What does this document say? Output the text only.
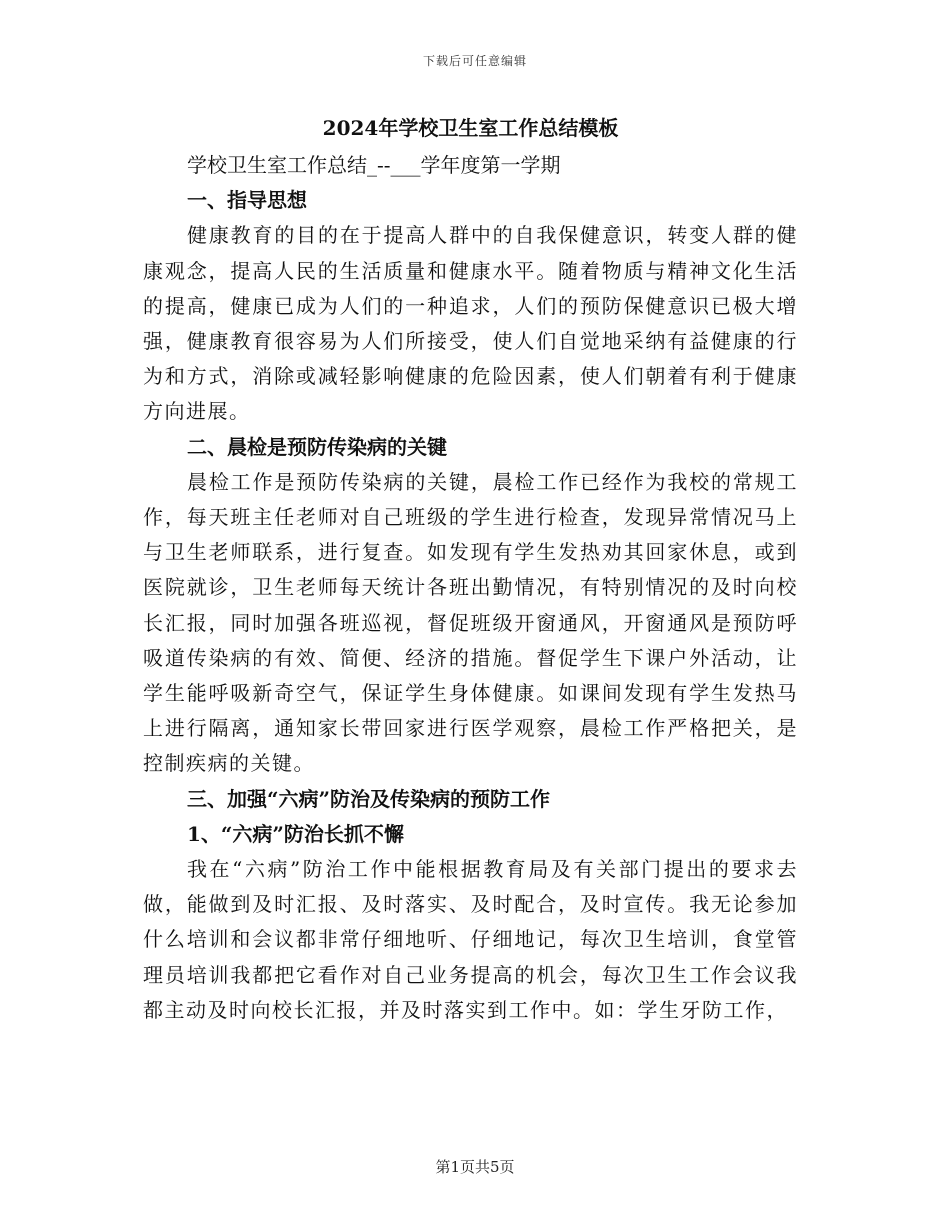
下载后可任意编辑
2024年学校卫生室工作总结模板

学校卫生室工作总结_--___学年度第一学期

一、指导思想

健康教育的目的在于提高人群中的自我保健意识，转变人群的健康观念，提高人民的生活质量和健康水平。随着物质与精神文化生活的提高，健康已成为人们的一种追求，人们的预防保健意识已极大增强，健康教育很容易为人们所接受，使人们自觉地采纳有益健康的行为和方式，消除或减轻影响健康的危险因素，使人们朝着有利于健康方向进展。

二、晨检是预防传染病的关键

晨检工作是预防传染病的关键，晨检工作已经作为我校的常规工作，每天班主任老师对自己班级的学生进行检查，发现异常情况马上与卫生老师联系，进行复查。如发现有学生发热劝其回家休息，或到医院就诊，卫生老师每天统计各班出勤情况，有特别情况的及时向校长汇报，同时加强各班巡视，督促班级开窗通风，开窗通风是预防呼吸道传染病的有效、简便、经济的措施。督促学生下课户外活动，让学生能呼吸新奇空气，保证学生身体健康。如课间发现有学生发热马上进行隔离，通知家长带回家进行医学观察，晨检工作严格把关，是控制疾病的关键。

三、加强“六病”防治及传染病的预防工作

1、“六病”防治长抓不懈

我在“六病”防治工作中能根据教育局及有关部门提出的要求去做，能做到及时汇报、及时落实、及时配合，及时宣传。我无论参加什么培训和会议都非常仔细地听、仔细地记，每次卫生培训，食堂管理员培训我都把它看作对自己业务提高的机会，每次卫生工作会议我都主动及时向校长汇报，并及时落实到工作中。如：学生牙防工作，

第1页共5页
